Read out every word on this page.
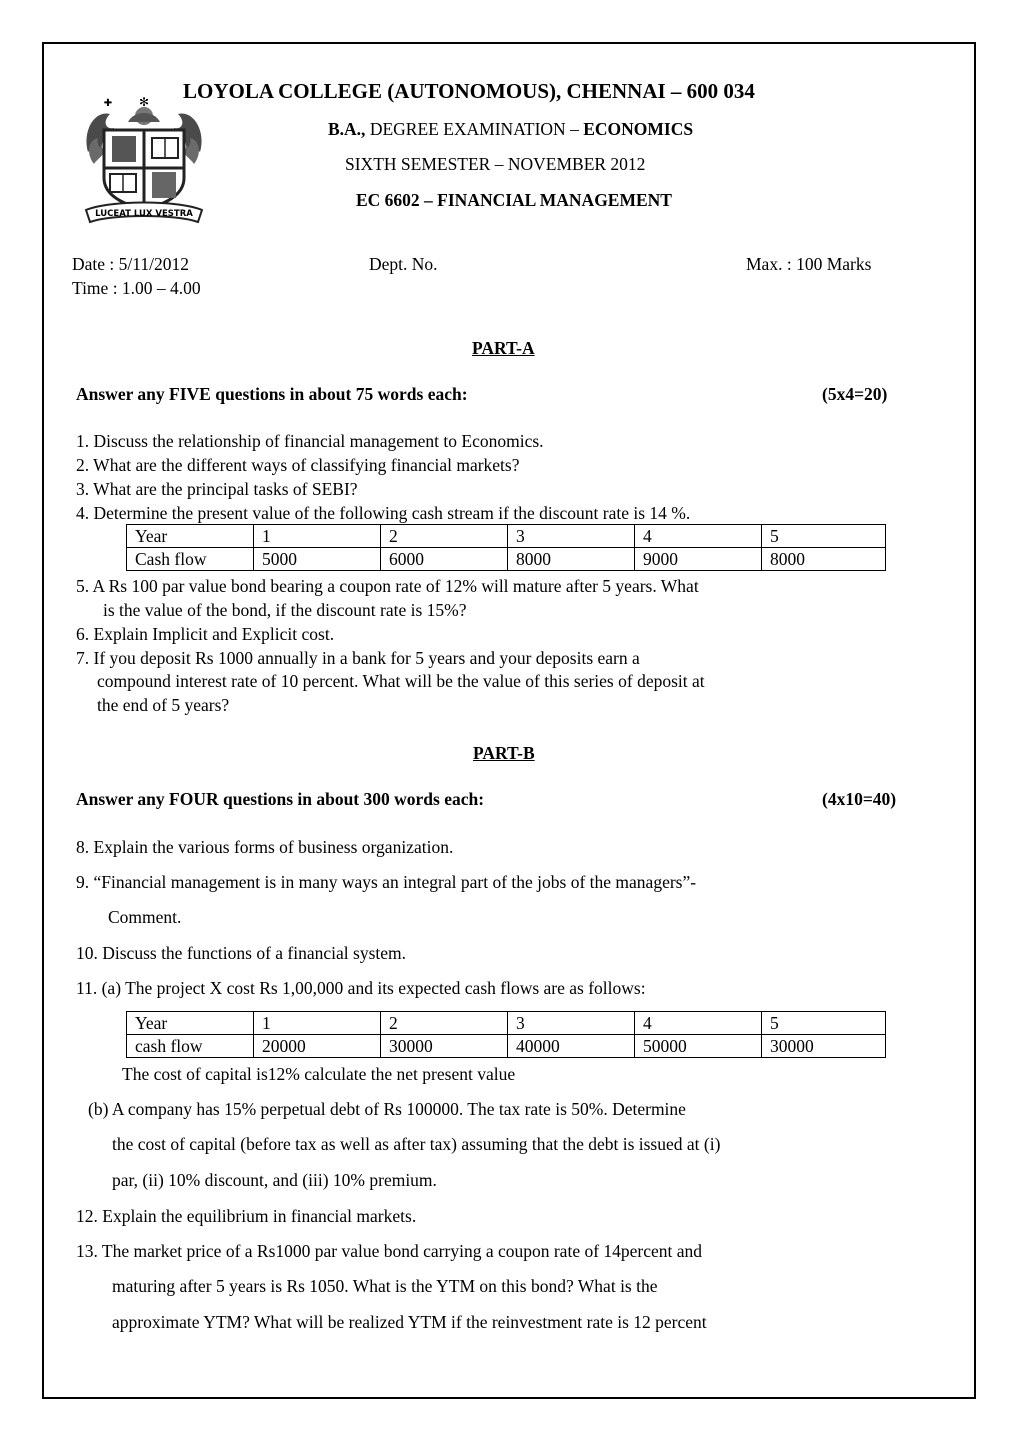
✻
✚
LUCEAT LUX VESTRA
LOYOLA COLLEGE (AUTONOMOUS), CHENNAI – 600 034
B.A., DEGREE EXAMINATION – ECONOMICS
SIXTH SEMESTER – NOVEMBER 2012
EC 6602 – FINANCIAL MANAGEMENT
Date : 5/11/2012	Dept. No.	Max. : 100 Marks
Time : 1.00 – 4.00
PART-A
Answer any FIVE questions in about 75 words each:	(5x4=20)
1. Discuss the relationship of financial management to Economics.
2. What are the different ways of classifying financial markets?
3. What are the principal tasks of SEBI?
4. Determine the present value of the following cash stream if the discount rate is 14 %.
Year	1	2	3	4	5
Cash flow	5000	6000	8000	9000	8000
5. A Rs 100 par value bond bearing a coupon rate of 12% will mature after 5 years. What
is the value of the bond, if the discount rate is 15%?
6. Explain Implicit and Explicit cost.
7. If you deposit Rs 1000 annually in a bank for 5 years and your deposits earn a
compound interest rate of 10 percent. What will be the value of this series of deposit at
the end of 5 years?
PART-B
Answer any FOUR questions in about 300 words each:	(4x10=40)
8. Explain the various forms of business organization.
9. “Financial management is in many ways an integral part of the jobs of the managers”-
Comment.
10. Discuss the functions of a financial system.
11. (a) The project X cost Rs 1,00,000 and its expected cash flows are as follows:
Year	1	2	3	4	5
cash flow	20000	30000	40000	50000	30000
The cost of capital is12% calculate the net present value
(b) A company has 15% perpetual debt of Rs 100000. The tax rate is 50%. Determine
the cost of capital (before tax as well as after tax) assuming that the debt is issued at (i)
par, (ii) 10% discount, and (iii) 10% premium.
12. Explain the equilibrium in financial markets.
13. The market price of a Rs1000 par value bond carrying a coupon rate of 14percent and
maturing after 5 years is Rs 1050. What is the YTM on this bond? What is the
approximate YTM? What will be realized YTM if the reinvestment rate is 12 percent
